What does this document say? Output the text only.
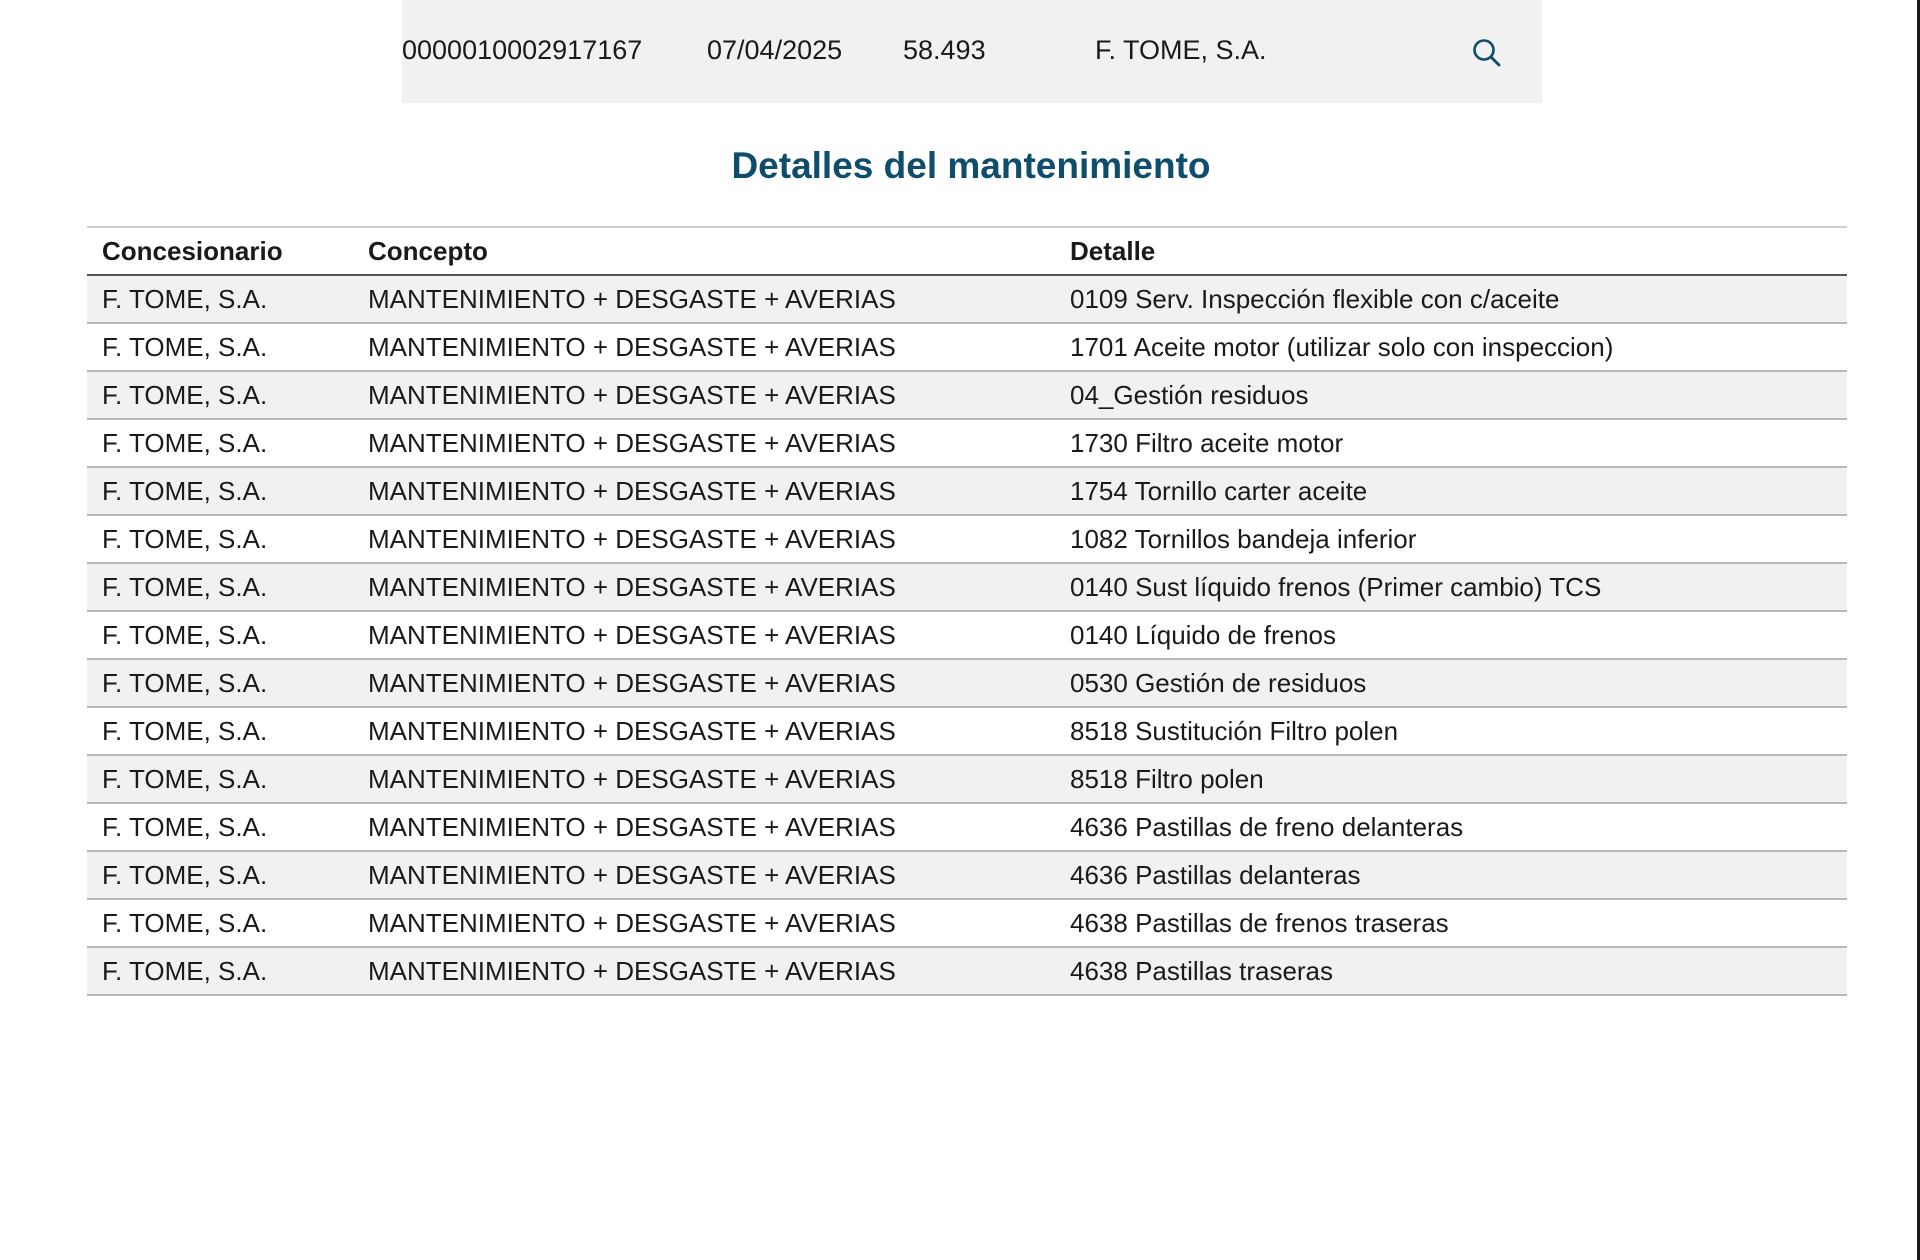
0000010002917167 07/04/2025 58.493	F. TOME, S.A.
Detalles del mantenimiento
Concesionario	Concepto	Detalle
F. TOME, S.A.	MANTENIMIENTO + DESGASTE + AVERIAS	0109 Serv. Inspección flexible con c/aceite
F. TOME, S.A.	MANTENIMIENTO + DESGASTE + AVERIAS	1701 Aceite motor (utilizar solo con inspeccion)
F. TOME, S.A.	MANTENIMIENTO + DESGASTE + AVERIAS	04_Gestión residuos
F. TOME, S.A.	MANTENIMIENTO + DESGASTE + AVERIAS	1730 Filtro aceite motor
F. TOME, S.A.	MANTENIMIENTO + DESGASTE + AVERIAS	1754 Tornillo carter aceite
F. TOME, S.A.	MANTENIMIENTO + DESGASTE + AVERIAS	1082 Tornillos bandeja inferior
F. TOME, S.A.	MANTENIMIENTO + DESGASTE + AVERIAS	0140 Sust líquido frenos (Primer cambio) TCS
F. TOME, S.A.	MANTENIMIENTO + DESGASTE + AVERIAS	0140 Líquido de frenos
F. TOME, S.A.	MANTENIMIENTO + DESGASTE + AVERIAS	0530 Gestión de residuos
F. TOME, S.A.	MANTENIMIENTO + DESGASTE + AVERIAS	8518 Sustitución Filtro polen
F. TOME, S.A.	MANTENIMIENTO + DESGASTE + AVERIAS	8518 Filtro polen
F. TOME, S.A.	MANTENIMIENTO + DESGASTE + AVERIAS	4636 Pastillas de freno delanteras
F. TOME, S.A.	MANTENIMIENTO + DESGASTE + AVERIAS	4636 Pastillas delanteras
F. TOME, S.A.	MANTENIMIENTO + DESGASTE + AVERIAS	4638 Pastillas de frenos traseras
F. TOME, S.A.	MANTENIMIENTO + DESGASTE + AVERIAS	4638 Pastillas traseras
